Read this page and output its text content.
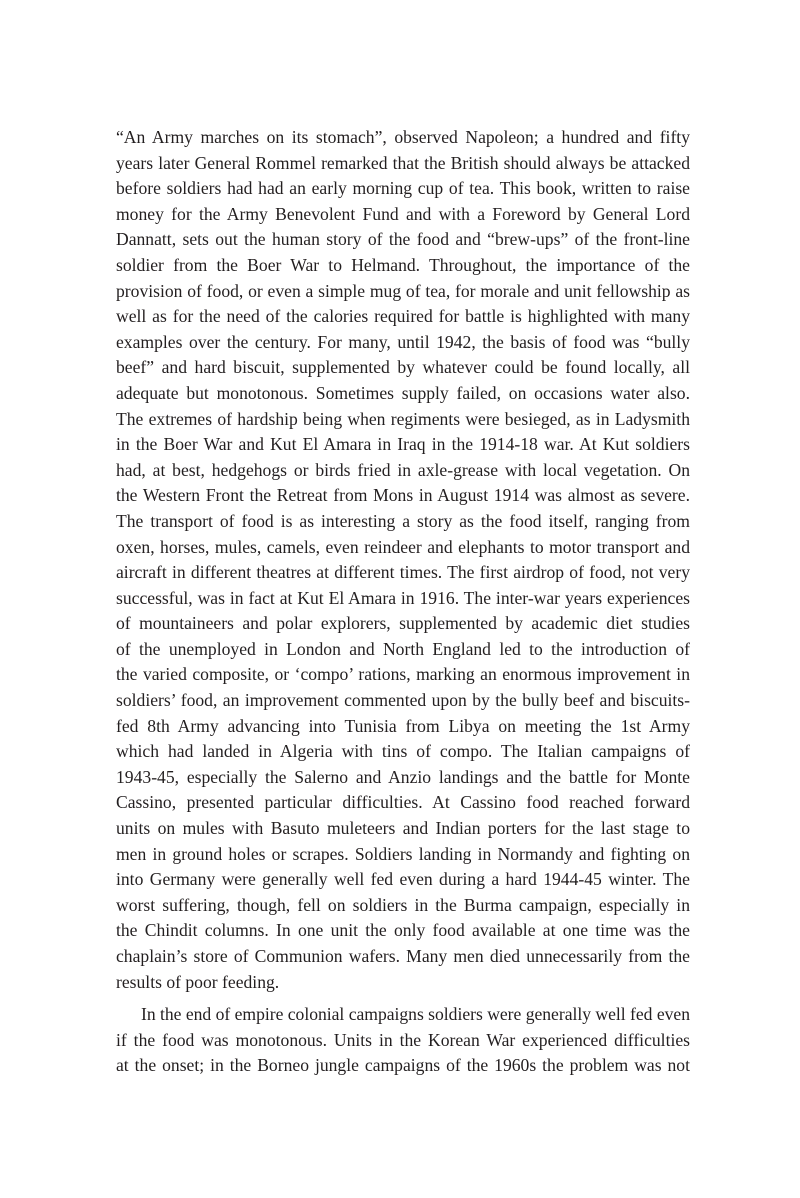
“An Army marches on its stomach”, observed Napoleon; a hundred and fifty
years later General Rommel remarked that the British should always be attacked
before soldiers had had an early morning cup of tea. This book, written to raise
money for the Army Benevolent Fund and with a Foreword by General Lord
Dannatt, sets out the human story of the food and “brew-ups” of the front-line
soldier from the Boer War to Helmand. Throughout, the importance of the
provision of food, or even a simple mug of tea, for morale and unit fellowship as
well as for the need of the calories required for battle is highlighted with many
examples over the century. For many, until 1942, the basis of food was “bully
beef” and hard biscuit, supplemented by whatever could be found locally, all
adequate but monotonous. Sometimes supply failed, on occasions water also.
The extremes of hardship being when regiments were besieged, as in Ladysmith
in the Boer War and Kut El Amara in Iraq in the 1914-18 war. At Kut soldiers
had, at best, hedgehogs or birds fried in axle-grease with local vegetation. On
the Western Front the Retreat from Mons in August 1914 was almost as severe.
The transport of food is as interesting a story as the food itself, ranging from
oxen, horses, mules, camels, even reindeer and elephants to motor transport and
aircraft in different theatres at different times. The first airdrop of food, not very
successful, was in fact at Kut El Amara in 1916. The inter-war years experiences
of mountaineers and polar explorers, supplemented by academic diet studies
of the unemployed in London and North England led to the introduction of
the varied composite, or ‘compo’ rations, marking an enormous improvement in
soldiers’ food, an improvement commented upon by the bully beef and biscuits-
fed 8th Army advancing into Tunisia from Libya on meeting the 1st Army
which had landed in Algeria with tins of compo. The Italian campaigns of
1943-45, especially the Salerno and Anzio landings and the battle for Monte
Cassino, presented particular difficulties. At Cassino food reached forward
units on mules with Basuto muleteers and Indian porters for the last stage to
men in ground holes or scrapes. Soldiers landing in Normandy and fighting on
into Germany were generally well fed even during a hard 1944-45 winter. The
worst suffering, though, fell on soldiers in the Burma campaign, especially in
the Chindit columns. In one unit the only food available at one time was the
chaplain’s store of Communion wafers. Many men died unnecessarily from the
results of poor feeding.
In the end of empire colonial campaigns soldiers were generally well fed even
if the food was monotonous. Units in the Korean War experienced difficulties
at the onset; in the Borneo jungle campaigns of the 1960s the problem was not
